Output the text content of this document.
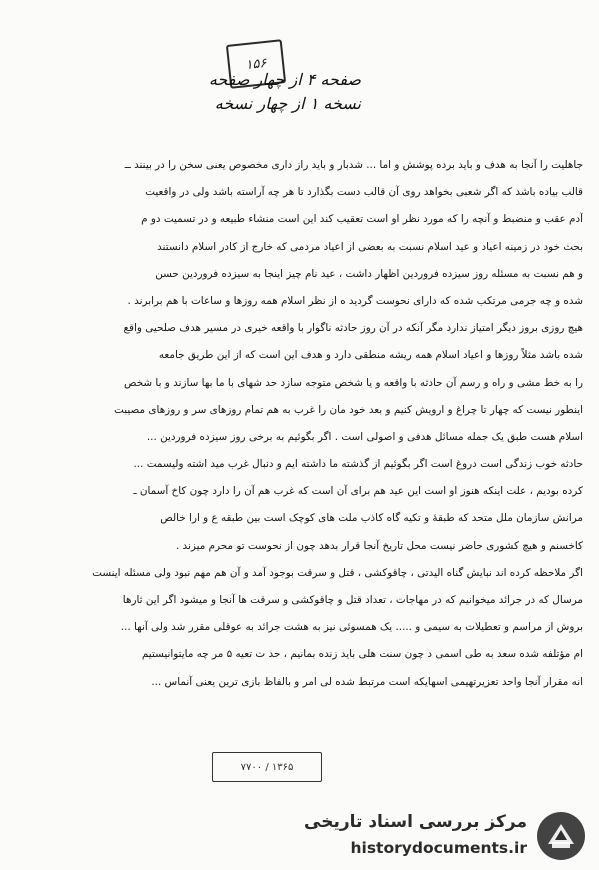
۱۵۶
صفحه ۴ از چهار صفحه
نسخه ۱ از چهار نسخه
جاهلیت را آنجا به هدف و باید برده پوشش و اما ... شدبار و باید راز داری مخصوص یعنی سخن را در بینند ــ
قالب بیاده باشد که اگر شعبی بخواهد روی آن قالب دست بگذارد تا هر چه آراسته باشد ولی در واقعیت
آدم عقب و منضبط و آنچه را که مورد نظر او است تعقیب کند این است منشاء طبیعه و در تسمیت دو م
بحث خود در زمینه اعیاد و عید اسلام نسبت به بعضی از اعیاد مردمی که خارج از کادر اسلام دانستند
و هم نسبت به مسئله روز سیزده فروردین اظهار داشت ، عید نام چیز اینجا به سیزده فروردین حسن
شده و چه جرمی مرتکب شده که دارای نحوست گردید ه از نظر اسلام همه روزها و ساعات با هم برابرند .
هیچ روزی بروز دیگر امتیاز ندارد مگر آنکه در آن روز حادثه ناگوار با واقعه خیری در مسیر هدف صلحیی واقع
شده باشد مثلاً روزها و اعیاد اسلام همه ریشه منطقی دارد و هدف این است که از این طریق جامعه
را به خط مشی و راه و رسم آن حادثه با واقعه و یا شخص متوجه سازد حد شهای با ما بها سازند و با شخص
اینطور نیست که چهار تا چراغ و ارویش کنیم و بعد خود مان را غرب به هم تمام روزهای سر و روزهای مصیبت
اسلام هست طبق یک جمله مسائل هدفی و اصولی است . اگر بگوئیم به برخی روز سیزده فروردین ...
حادثه خوب زندگی است دروغ است اگر بگوئیم از گذشته ما داشته ایم و دنبال غرب مید اشته ولیسمت ...
کرده بودیم ، علت اینکه هنوز او است این عید هم برای آن است که غرب هم آن را دارد چون کاخ آسمان ـ
مرانش سازمان ملل متحد که طبقهٔ و تکیه گاه کاذب ملت های کوچک است بین طبقه ع و ارا خالص
کاخسنم و هیچ کشوری حاضر نیست محل تاریخ آنجا قرار بدهد چون از نحوست تو محرم میزند .
اگر ملاحظه کرده اند نبایش گناه الیدتی ، چاقوکشی ، قتل و سرقت بوجود آمد و آن هم مهم نبود ولی مسئله اینست
مرسال که در جرائد میخوانیم که در مهاجات ، تعداد قتل و چاقوکشی و سرقت ها آنجا و میشود اگر این ثارها
بروش از مراسم و تعطیلات به سیمی و ..... یک همسوئی نیز به هشت جرائد به عوقلی مقرر شد ولی آنها ...
ام مؤتلفه شده سعد به طی اسمی د چون سنت هلی باید زنده بمانیم ، حد ت تعیه ۵ مر چه مایتوانیستیم
انه مقرار آنجا واحد تعزیرتهیمی اسهایکه است مرتبط شده لی امر و بالفاظ بازی ترین یعنی آنماس ...
۱۳۶۵ / ۷۷۰۰
مرکز بررسی اسناد تاریخی
historydocuments.ir
